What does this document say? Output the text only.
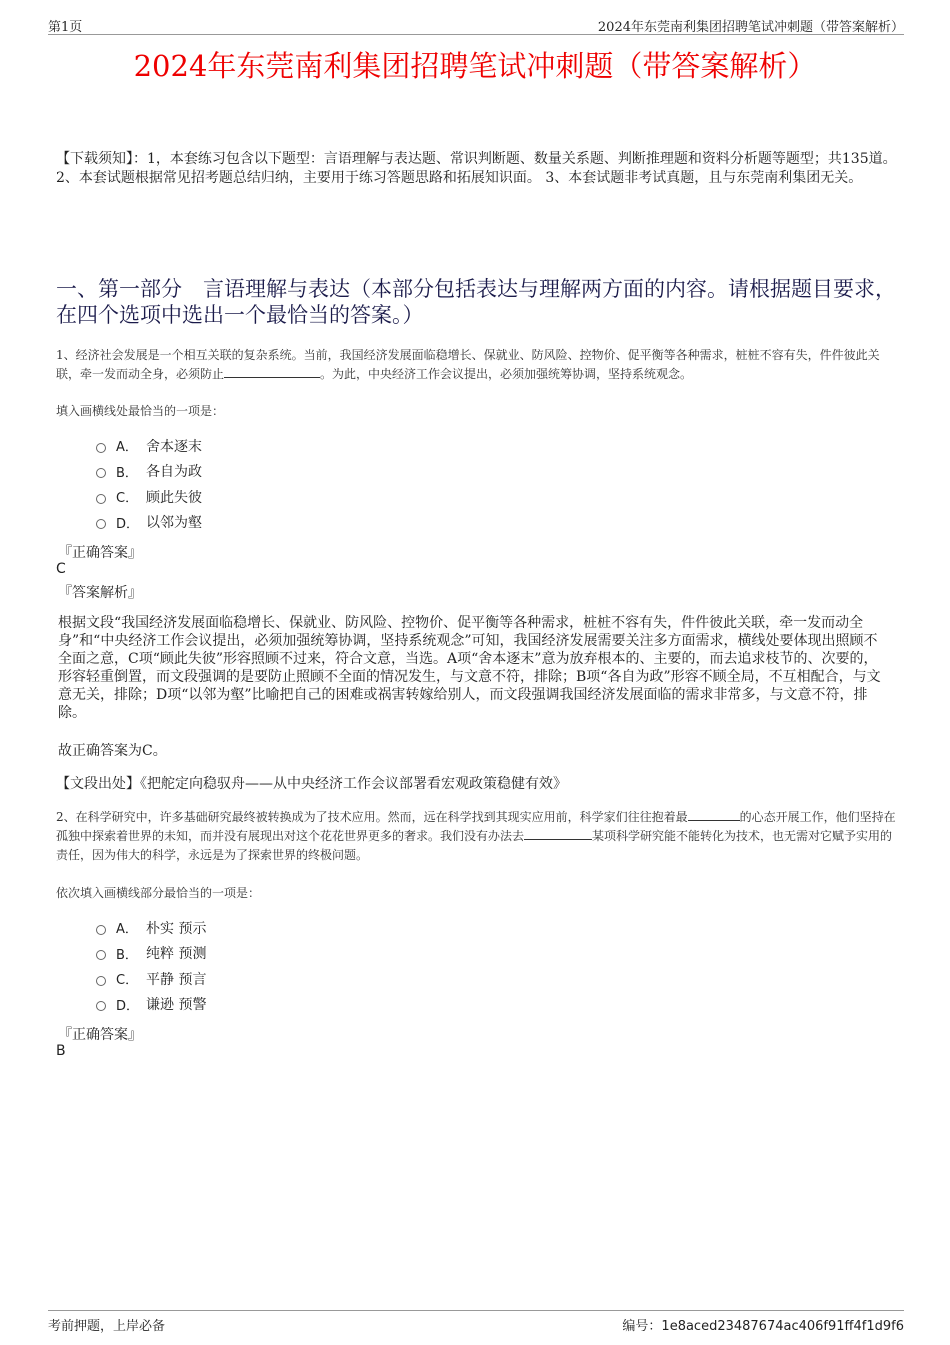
第1页	2024年东莞南利集团招聘笔试冲刺题（带答案解析）
2024年东莞南利集团招聘笔试冲刺题（带答案解析）
【下载须知】：1，本套练习包含以下题型：言语理解与表达题、常识判断题、数量关系题、判断推理题和资料分析题等题型；共135道。 2、本套试题根据常见招考题总结归纳，主要用于练习答题思路和拓展知识面。 3、本套试题非考试真题，且与东莞南利集团无关。
一、第一部分　言语理解与表达（本部分包括表达与理解两方面的内容。请根据题目要求，在四个选项中选出一个最恰当的答案。）
1、经济社会发展是一个相互关联的复杂系统。当前，我国经济发展面临稳增长、保就业、防风险、控物价、促平衡等各种需求，桩桩不容有失，件件彼此关联，牵一发而动全身，必须防止	。为此，中央经济工作会议提出，必须加强统筹协调，坚持系统观念。
填入画横线处最恰当的一项是：
A． 舍本逐末
B． 各自为政
C． 顾此失彼
D． 以邻为壑
『正确答案』
C
『答案解析』
根据文段“我国经济发展面临稳增长、保就业、防风险、控物价、促平衡等各种需求，桩桩不容有失，件件彼此关联，牵一发而动全身”和“中央经济工作会议提出，必须加强统筹协调，坚持系统观念”可知，我国经济发展需要关注多方面需求，横线处要体现出照顾不全面之意，C项“顾此失彼”形容照顾不过来，符合文意，当选。A项“舍本逐末”意为放弃根本的、主要的，而去追求枝节的、次要的，形容轻重倒置，而文段强调的是要防止照顾不全面的情况发生，与文意不符，排除；B项“各自为政”形容不顾全局，不互相配合，与文意无关，排除；D项“以邻为壑”比喻把自己的困难或祸害转嫁给别人，而文段强调我国经济发展面临的需求非常多，与文意不符，排除。
故正确答案为C。
【文段出处】《把舵定向稳驭舟——从中央经济工作会议部署看宏观政策稳健有效》
2、在科学研究中，许多基础研究最终被转换成为了技术应用。然而，远在科学找到其现实应用前，科学家们往往抱着最	的心态开展工作，他们坚持在孤独中探索着世界的未知，而并没有展现出对这个花花世界更多的奢求。我们没有办法去	某项科学研究能不能转化为技术，也无需对它赋予实用的责任，因为伟大的科学，永远是为了探索世界的终极问题。
依次填入画横线部分最恰当的一项是：
A． 朴实 预示
B． 纯粹 预测
C． 平静 预言
D． 谦逊 预警
『正确答案』
B
考前押题，上岸必备	编号：1e8aced23487674ac406f91ff4f1d9f6
